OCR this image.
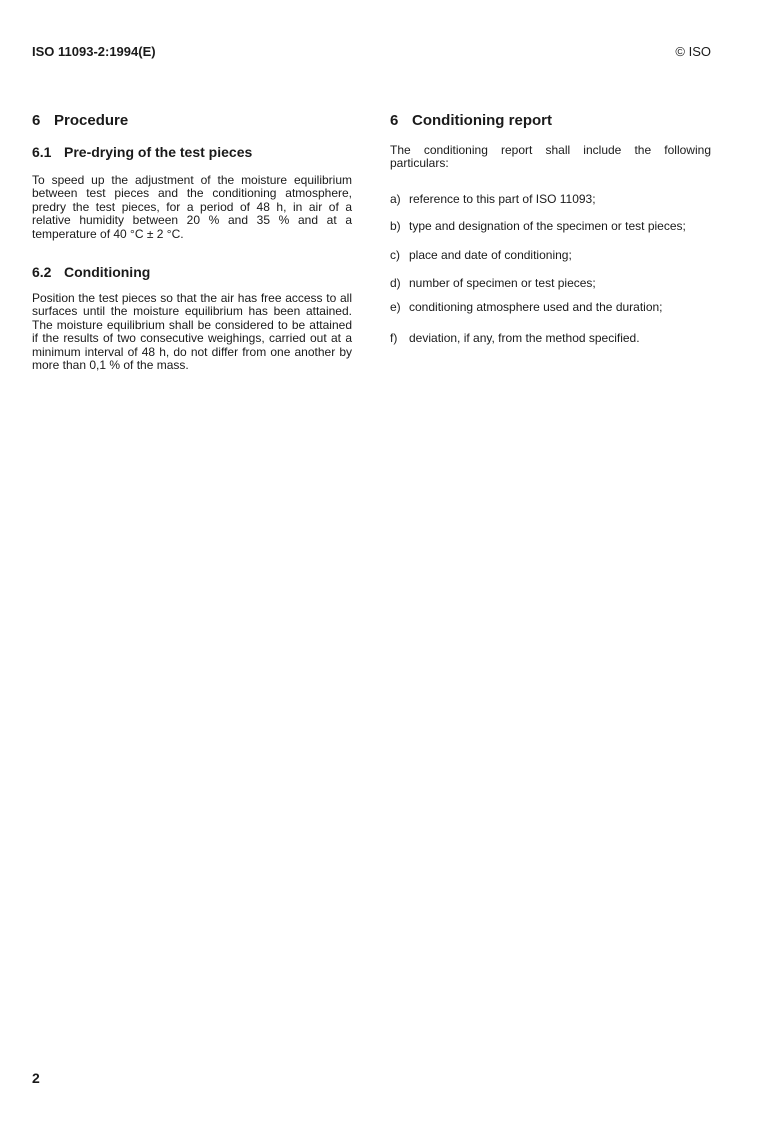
ISO 11093-2:1994(E)	© ISO
6 Procedure
6.1 Pre-drying of the test pieces

To speed up the adjustment of the moisture equilibrium between test pieces and the conditioning atmosphere, predry the test pieces, for a period of 48 h, in air of a relative humidity between 20 % and 35 % and at a temperature of 40 °C ± 2 °C.

6.2 Conditioning

Position the test pieces so that the air has free access to all surfaces until the moisture equilibrium has been attained. The moisture equilibrium shall be considered to be attained if the results of two consecutive weighings, carried out at a minimum interval of 48 h, do not differ from one another by more than 0,1 % of the mass.

6 Conditioning report

The conditioning report shall include the following particulars:

a) reference to this part of ISO 11093;
b) type and designation of the specimen or test pieces;
c) place and date of conditioning;
d) number of specimen or test pieces;
e) conditioning atmosphere used and the duration;
f) deviation, if any, from the method specified.
2
